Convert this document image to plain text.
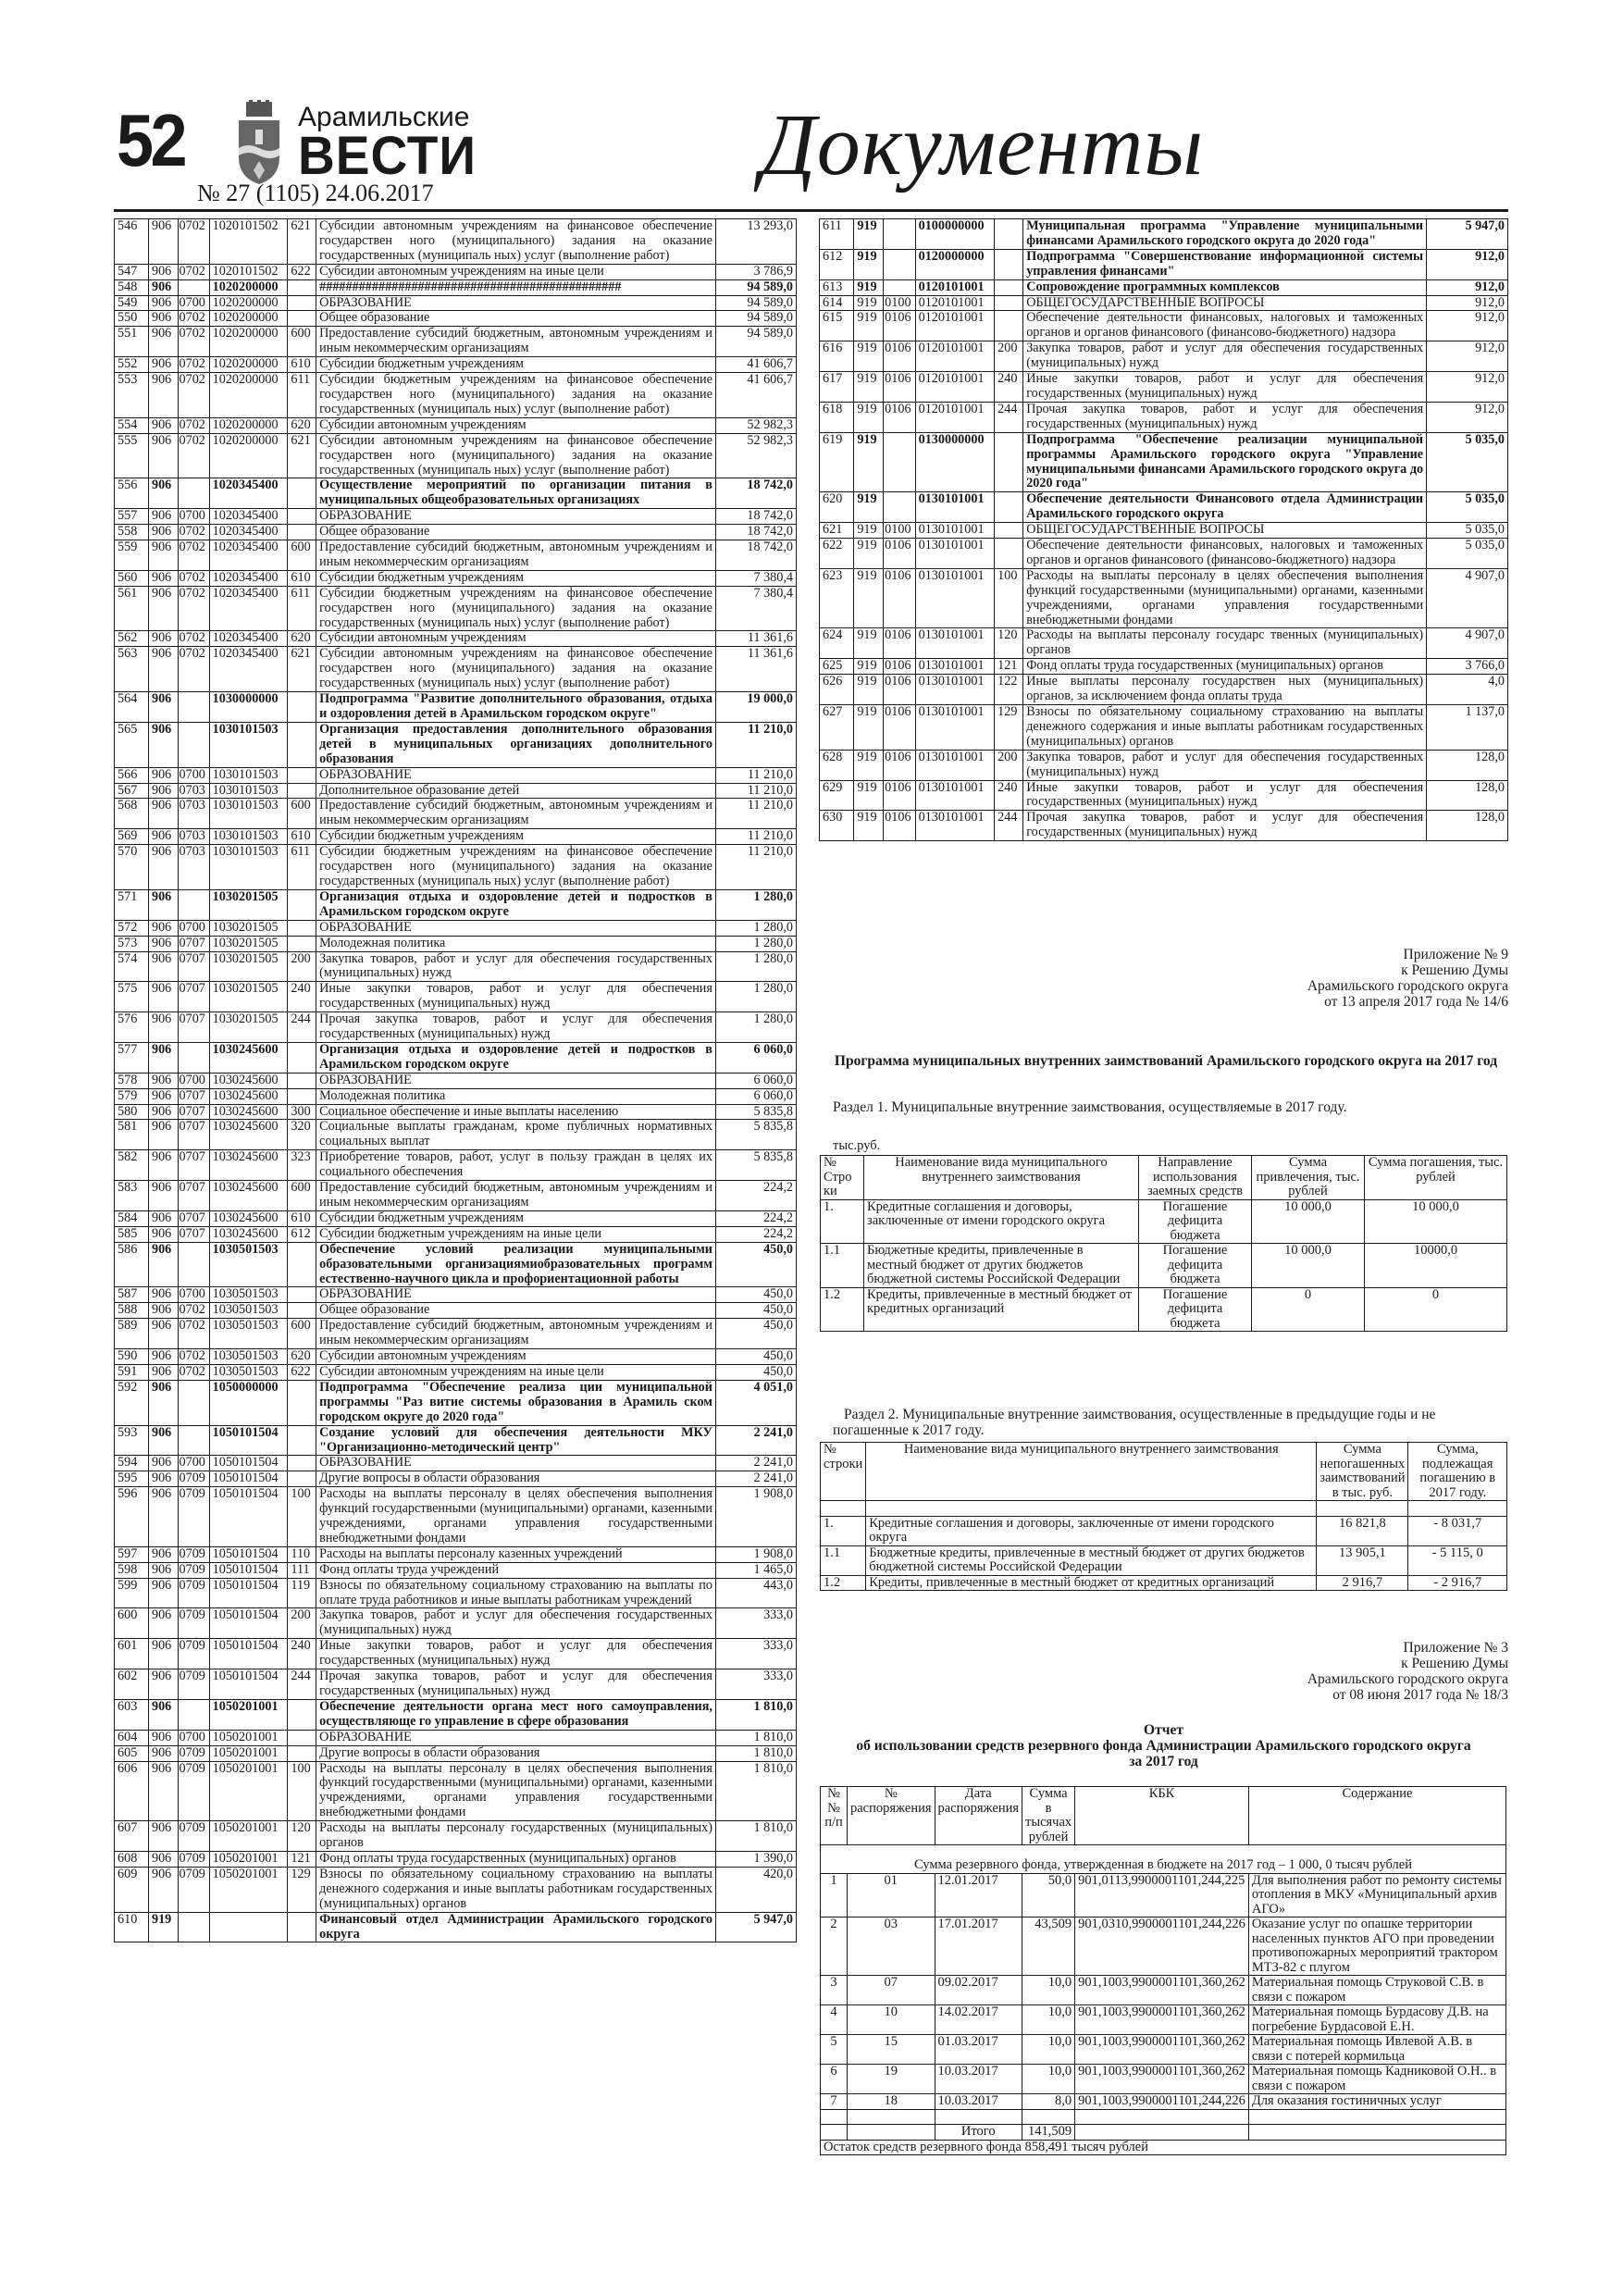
52	Арамильские
ВЕСТИ
№ 27 (1105) 24.06.2017	Документы
546	906	0702	1020101502	621	Субсидии автономным учреждениям на финансовое обеспечение государствен ного (муниципального) задания на оказание государственных (муниципаль ных) услуг (выполнение работ)	13 293,0
547	906	0702	1020101502	622	Субсидии автономным учреждениям на иные цели	3 786,9
548	906		1020200000		##############################################	94 589,0
549	906	0700	1020200000		ОБРАЗОВАНИЕ	94 589,0
550	906	0702	1020200000		Общее образование	94 589,0
551	906	0702	1020200000	600	Предоставление субсидий бюджетным, автономным учреждениям и иным некоммерческим организациям	94 589,0
552	906	0702	1020200000	610	Субсидии бюджетным учреждениям	41 606,7
553	906	0702	1020200000	611	Субсидии бюджетным учреждениям на финансовое обеспечение государствен ного (муниципального) задания на оказание государственных (муниципаль ных) услуг (выполнение работ)	41 606,7
554	906	0702	1020200000	620	Субсидии автономным учреждениям	52 982,3
555	906	0702	1020200000	621	Субсидии автономным учреждениям на финансовое обеспечение государствен ного (муниципального) задания на оказание государственных (муниципаль ных) услуг (выполнение работ)	52 982,3
556	906		1020345400		Осуществление мероприятий по организации питания в муниципальных общеобразовательных организациях	18 742,0
557	906	0700	1020345400		ОБРАЗОВАНИЕ	18 742,0
558	906	0702	1020345400		Общее образование	18 742,0
559	906	0702	1020345400	600	Предоставление субсидий бюджетным, автономным учреждениям и иным некоммерческим организациям	18 742,0
560	906	0702	1020345400	610	Субсидии бюджетным учреждениям	7 380,4
561	906	0702	1020345400	611	Субсидии бюджетным учреждениям на финансовое обеспечение государствен ного (муниципального) задания на оказание государственных (муниципаль ных) услуг (выполнение работ)	7 380,4
562	906	0702	1020345400	620	Субсидии автономным учреждениям	11 361,6
563	906	0702	1020345400	621	Субсидии автономным учреждениям на финансовое обеспечение государствен ного (муниципального) задания на оказание государственных (муниципаль ных) услуг (выполнение работ)	11 361,6
564	906		1030000000		Подпрограмма "Развитие дополнительного образования, отдыха и оздоровления детей в Арамильском городском округе"	19 000,0
565	906		1030101503		Организация предоставления дополнительного образования детей в муниципальных организациях дополнительного образования	11 210,0
566	906	0700	1030101503		ОБРАЗОВАНИЕ	11 210,0
567	906	0703	1030101503		Дополнительное образование детей	11 210,0
568	906	0703	1030101503	600	Предоставление субсидий бюджетным, автономным учреждениям и иным некоммерческим организациям	11 210,0
569	906	0703	1030101503	610	Субсидии бюджетным учреждениям	11 210,0
570	906	0703	1030101503	611	Субсидии бюджетным учреждениям на финансовое обеспечение государствен ного (муниципального) задания на оказание государственных (муниципаль ных) услуг (выполнение работ)	11 210,0
571	906		1030201505		Организация отдыха и оздоровление детей и подростков в Арамильском городском округе	1 280,0
572	906	0700	1030201505		ОБРАЗОВАНИЕ	1 280,0
573	906	0707	1030201505		Молодежная политика	1 280,0
574	906	0707	1030201505	200	Закупка товаров, работ и услуг для обеспечения государственных (муниципальных) нужд	1 280,0
575	906	0707	1030201505	240	Иные закупки товаров, работ и услуг для обеспечения государственных (муниципальных) нужд	1 280,0
576	906	0707	1030201505	244	Прочая закупка товаров, работ и услуг для обеспечения государственных (муниципальных) нужд	1 280,0
577	906		1030245600		Организация отдыха и оздоровление детей и подростков в Арамильском городском округе	6 060,0
578	906	0700	1030245600		ОБРАЗОВАНИЕ	6 060,0
579	906	0707	1030245600		Молодежная политика	6 060,0
580	906	0707	1030245600	300	Социальное обеспечение и иные выплаты населению	5 835,8
581	906	0707	1030245600	320	Социальные выплаты гражданам, кроме публичных нормативных социальных выплат	5 835,8
582	906	0707	1030245600	323	Приобретение товаров, работ, услуг в пользу граждан в целях их социального обеспечения	5 835,8
583	906	0707	1030245600	600	Предоставление субсидий бюджетным, автономным учреждениям и иным некоммерческим организациям	224,2
584	906	0707	1030245600	610	Субсидии бюджетным учреждениям	224,2
585	906	0707	1030245600	612	Субсидии бюджетным учреждениям на иные цели	224,2
586	906		1030501503		Обеспечение условий реализации муниципальными образовательными организациямиобразовательных программ естественно-научного цикла и профориентационной работы	450,0
587	906	0700	1030501503		ОБРАЗОВАНИЕ	450,0
588	906	0702	1030501503		Общее образование	450,0
589	906	0702	1030501503	600	Предоставление субсидий бюджетным, автономным учреждениям и иным некоммерческим организациям	450,0
590	906	0702	1030501503	620	Субсидии автономным учреждениям	450,0
591	906	0702	1030501503	622	Субсидии автономным учреждениям на иные цели	450,0
592	906		1050000000		Подпрограмма "Обеспечение реализа ции муниципальной программы "Раз витие системы образования в Арамиль ском городском округе до 2020 года"	4 051,0
593	906		1050101504		Создание условий для обеспечения деятельности МКУ "Организационно-методический центр"	2 241,0
594	906	0700	1050101504		ОБРАЗОВАНИЕ	2 241,0
595	906	0709	1050101504		Другие вопросы в области образования	2 241,0
596	906	0709	1050101504	100	Расходы на выплаты персоналу в целях обеспечения выполнения функций государственными (муниципальными) органами, казенными учреждениями, органами управления государственными внебюджетными фондами	1 908,0
597	906	0709	1050101504	110	Расходы на выплаты персоналу казенных учреждений	1 908,0
598	906	0709	1050101504	111	Фонд оплаты труда учреждений	1 465,0
599	906	0709	1050101504	119	Взносы по обязательному социальному страхованию на выплаты по оплате труда работников и иные выплаты работникам учреждений	443,0
600	906	0709	1050101504	200	Закупка товаров, работ и услуг для обеспечения государственных (муниципальных) нужд	333,0
601	906	0709	1050101504	240	Иные закупки товаров, работ и услуг для обеспечения государственных (муниципальных) нужд	333,0
602	906	0709	1050101504	244	Прочая закупка товаров, работ и услуг для обеспечения государственных (муниципальных) нужд	333,0
603	906		1050201001		Обеспечение деятельности органа мест ного самоуправления, осуществляюще го управление в сфере образования	1 810,0
604	906	0700	1050201001		ОБРАЗОВАНИЕ	1 810,0
605	906	0709	1050201001		Другие вопросы в области образования	1 810,0
606	906	0709	1050201001	100	Расходы на выплаты персоналу в целях обеспечения выполнения функций государственными (муниципальными) органами, казенными учреждениями, органами управления государственными внебюджетными фондами	1 810,0
607	906	0709	1050201001	120	Расходы на выплаты персоналу государственных (муниципальных) органов	1 810,0
608	906	0709	1050201001	121	Фонд оплаты труда государственных (муниципальных) органов	1 390,0
609	906	0709	1050201001	129	Взносы по обязательному социальному страхованию на выплаты денежного содержания и иные выплаты работникам государственных (муниципальных) органов	420,0
610	919				Финансовый отдел Администрации Арамильского городского округа	5 947,0
611	919		0100000000		Муниципальная программа "Управление муниципальными финансами Арамильского городского округа до 2020 года"	5 947,0
612	919		0120000000		Подпрограмма "Совершенствование информационной системы управления финансами"	912,0
613	919		0120101001		Сопровождение программных комплексов	912,0
614	919	0100	0120101001		ОБЩЕГОСУДАРСТВЕННЫЕ ВОПРОСЫ	912,0
615	919	0106	0120101001		Обеспечение деятельности финансовых, налоговых и таможенных органов и органов финансового (финансово-бюджетного) надзора	912,0
616	919	0106	0120101001	200	Закупка товаров, работ и услуг для обеспечения государственных (муниципальных) нужд	912,0
617	919	0106	0120101001	240	Иные закупки товаров, работ и услуг для обеспечения государственных (муниципальных) нужд	912,0
618	919	0106	0120101001	244	Прочая закупка товаров, работ и услуг для обеспечения государственных (муниципальных) нужд	912,0
619	919		0130000000		Подпрограмма "Обеспечение реализации муниципальной программы Арамильского городского округа "Управление муниципальными финансами Арамильского городского округа до 2020 года"	5 035,0
620	919		0130101001		Обеспечение деятельности Финансового отдела Администрации Арамильского городского округа	5 035,0
621	919	0100	0130101001		ОБЩЕГОСУДАРСТВЕННЫЕ ВОПРОСЫ	5 035,0
622	919	0106	0130101001		Обеспечение деятельности финансовых, налоговых и таможенных органов и органов финансового (финансово-бюджетного) надзора	5 035,0
623	919	0106	0130101001	100	Расходы на выплаты персоналу в целях обеспечения выполнения функций государственными (муниципальными) органами, казенными учреждениями, органами управления государственными внебюджетными фондами	4 907,0
624	919	0106	0130101001	120	Расходы на выплаты персоналу государс твенных (муниципальных) органов	4 907,0
625	919	0106	0130101001	121	Фонд оплаты труда государственных (муниципальных) органов	3 766,0
626	919	0106	0130101001	122	Иные выплаты персоналу государствен ных (муниципальных) органов, за исключением фонда оплаты труда	4,0
627	919	0106	0130101001	129	Взносы по обязательному социальному страхованию на выплаты денежного содержания и иные выплаты работникам государственных (муниципальных) органов	1 137,0
628	919	0106	0130101001	200	Закупка товаров, работ и услуг для обеспечения государственных (муниципальных) нужд	128,0
629	919	0106	0130101001	240	Иные закупки товаров, работ и услуг для обеспечения государственных (муниципальных) нужд	128,0
630	919	0106	0130101001	244	Прочая закупка товаров, работ и услуг для обеспечения государственных (муниципальных) нужд	128,0
Приложение № 9
к Решению Думы
Арамильского городского округа
от 13 апреля 2017 года № 14/6
Программа муниципальных внутренних заимствований Арамильского городского округа на 2017 год
Раздел 1. Муниципальные внутренние заимствования, осуществляемые в 2017 году.
тыс.руб.
№ Стро ки	Наименование вида муниципального внутреннего заимствования	Направление использования заемных средств	Сумма привлечения, тыс. рублей	Сумма погашения, тыс. рублей
1.	Кредитные соглашения и договоры, заключенные от имени городского округа	Погашение дефицита бюджета	10 000,0	10 000,0
1.1	Бюджетные кредиты, привлеченные в местный бюджет от других бюджетов бюджетной системы Российской Федерации	Погашение дефицита бюджета	10 000,0	10000,0
1.2	Кредиты, привлеченные в местный бюджет от кредитных организаций	Погашение дефицита бюджета	0	0
Раздел 2. Муниципальные внутренние заимствования, осуществленные в предыдущие годы и не погашенные к 2017 году.
№ строки	Наименование вида муниципального внутреннего заимствования	Сумма непогашенных заимствований в тыс. руб.	Сумма, подлежащая погашению в 2017 году.

1.	Кредитные соглашения и договоры, заключенные от имени городского округа	16 821,8	- 8 031,7
1.1	Бюджетные кредиты, привлеченные в местный бюджет от других бюджетов бюджетной системы Российской Федерации	13 905,1	- 5 115, 0
1.2	Кредиты, привлеченные в местный бюджет от кредитных организаций	2 916,7	- 2 916,7
Приложение № 3
к Решению Думы
Арамильского городского округа
от 08 июня 2017 года № 18/3
Отчет
об использовании средств резервного фонда Администрации Арамильского городского округа
за 2017 год
№№ п/п	№ распоряжения	Дата распоряжения	Сумма в тысячах рублей	КБК	Содержание
Сумма резервного фонда, утвержденная в бюджете на 2017 год – 1 000, 0 тысяч рублей					
1	01	12.01.2017	50,0	901,0113,9900001101,244,225	Для выполнения работ по ремонту системы отопления в МКУ «Муниципальный архив АГО»
2	03	17.01.2017	43,509	901,0310,9900001101,244,226	Оказание услуг по опашке территории населенных пунктов АГО при проведении противопожарных мероприятий трактором МТЗ-82 с плугом
3	07	09.02.2017	10,0	901,1003,9900001101,360,262	Материальная помощь Струковой С.В. в связи с пожаром
4	10	14.02.2017	10,0	901,1003,9900001101,360,262	Материальная помощь Бурдасову Д.В. на погребение Бурдасовой Е.Н.
5	15	01.03.2017	10,0	901,1003,9900001101,360,262	Материальная помощь Ивлевой А.В. в связи с потерей кормильца
6	19	10.03.2017	10,0	901,1003,9900001101,360,262	Материальная помощь Кадниковой О.Н.. в связи с пожаром
7	18	10.03.2017	8,0	901,1003,9900001101,244,226	Для оказания гостиничных услуг

		Итого	141,509		
Остаток средств резервного фонда 858,491 тысяч рублей					
